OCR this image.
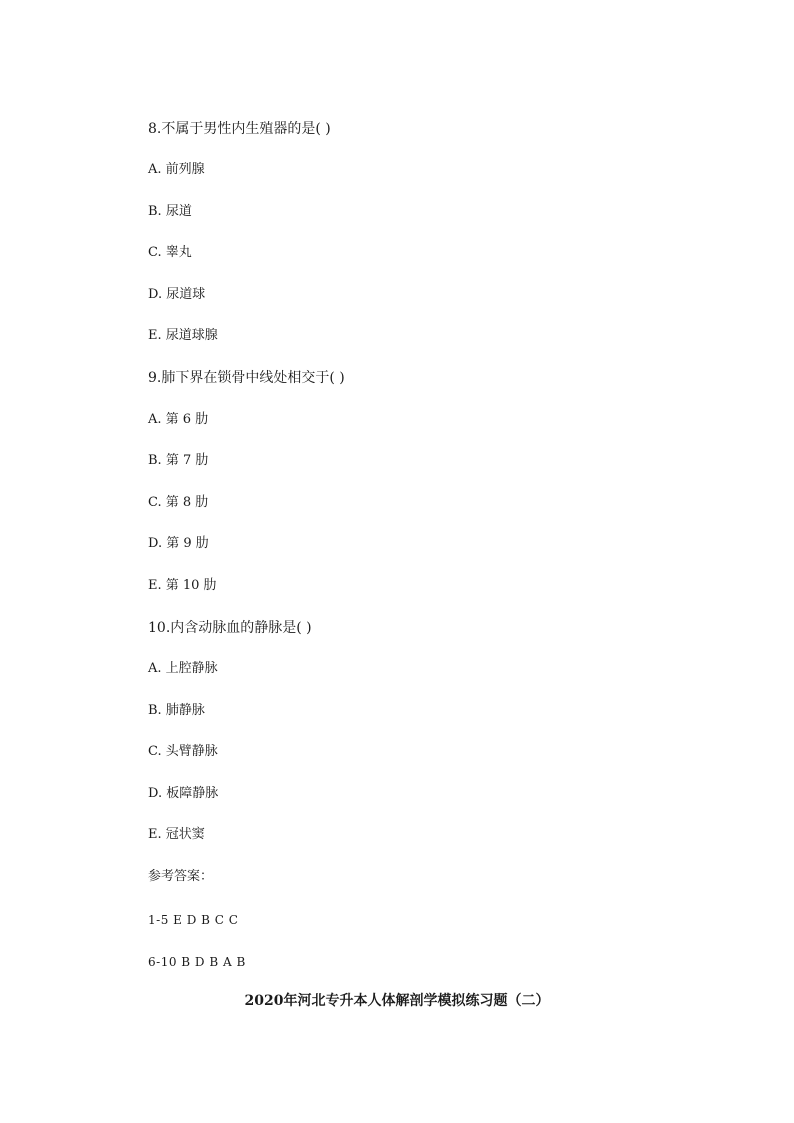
8.不属于男性内生殖器的是( )
A. 前列腺
B. 尿道
C. 睾丸
D. 尿道球
E. 尿道球腺
9.肺下界在锁骨中线处相交于( )
A. 第 6 肋
B. 第 7 肋
C. 第 8 肋
D. 第 9 肋
E. 第 10 肋
10.内含动脉血的静脉是( )
A. 上腔静脉
B. 肺静脉
C. 头臂静脉
D. 板障静脉
E. 冠状窦
参考答案：
1-5 E D B C C
6-10 B D B A B
2020年河北专升本人体解剖学模拟练习题（二）
